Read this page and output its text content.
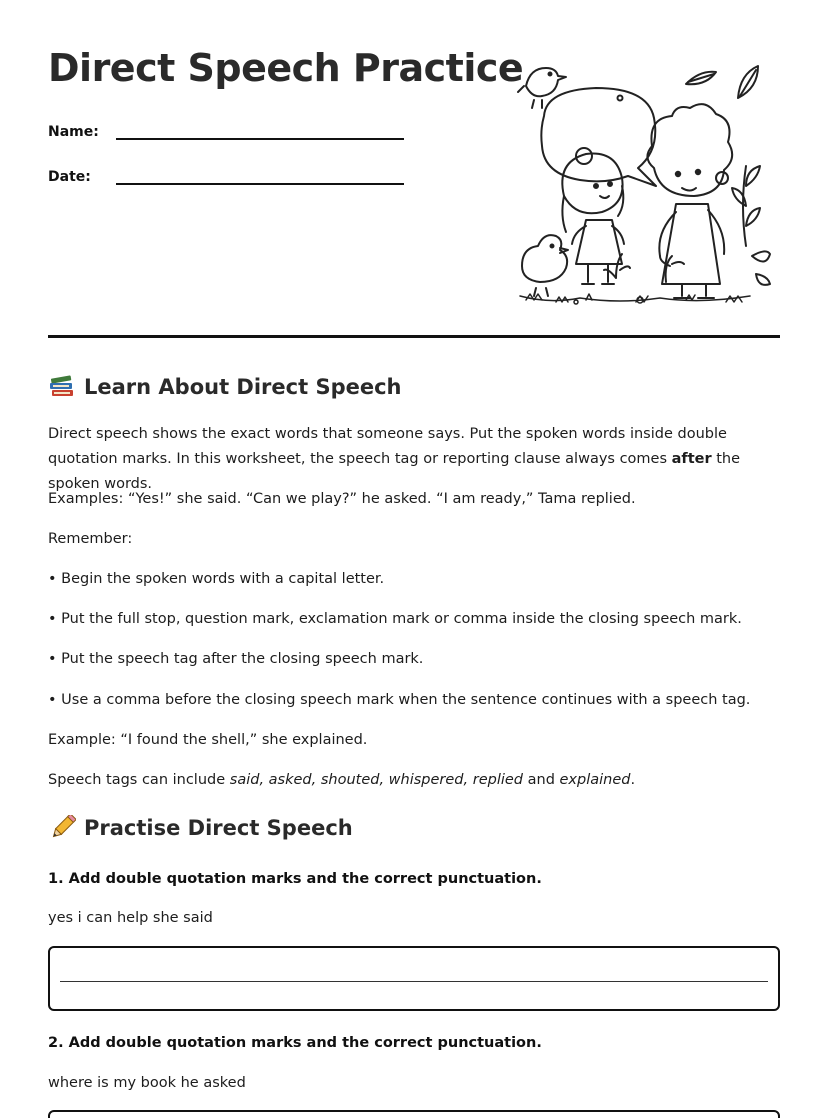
Direct Speech Practice
Name:
Date:
Learn About Direct Speech

Direct speech shows the exact words that someone says. Put the spoken words inside double quotation marks. In this worksheet, the speech tag or reporting clause always comes after the spoken words.

Examples: “Yes!” she said. “Can we play?” he asked. “I am ready,” Tama replied.

Remember:

• Begin the spoken words with a capital letter.

• Put the full stop, question mark, exclamation mark or comma inside the closing speech mark.

• Put the speech tag after the closing speech mark.

• Use a comma before the closing speech mark when the sentence continues with a speech tag.

Example: “I found the shell,” she explained.

Speech tags can include said, asked, shouted, whispered, replied and explained.

Practise Direct Speech

1. Add double quotation marks and the correct punctuation.

yes i can help she said

2. Add double quotation marks and the correct punctuation.

where is my book he asked
